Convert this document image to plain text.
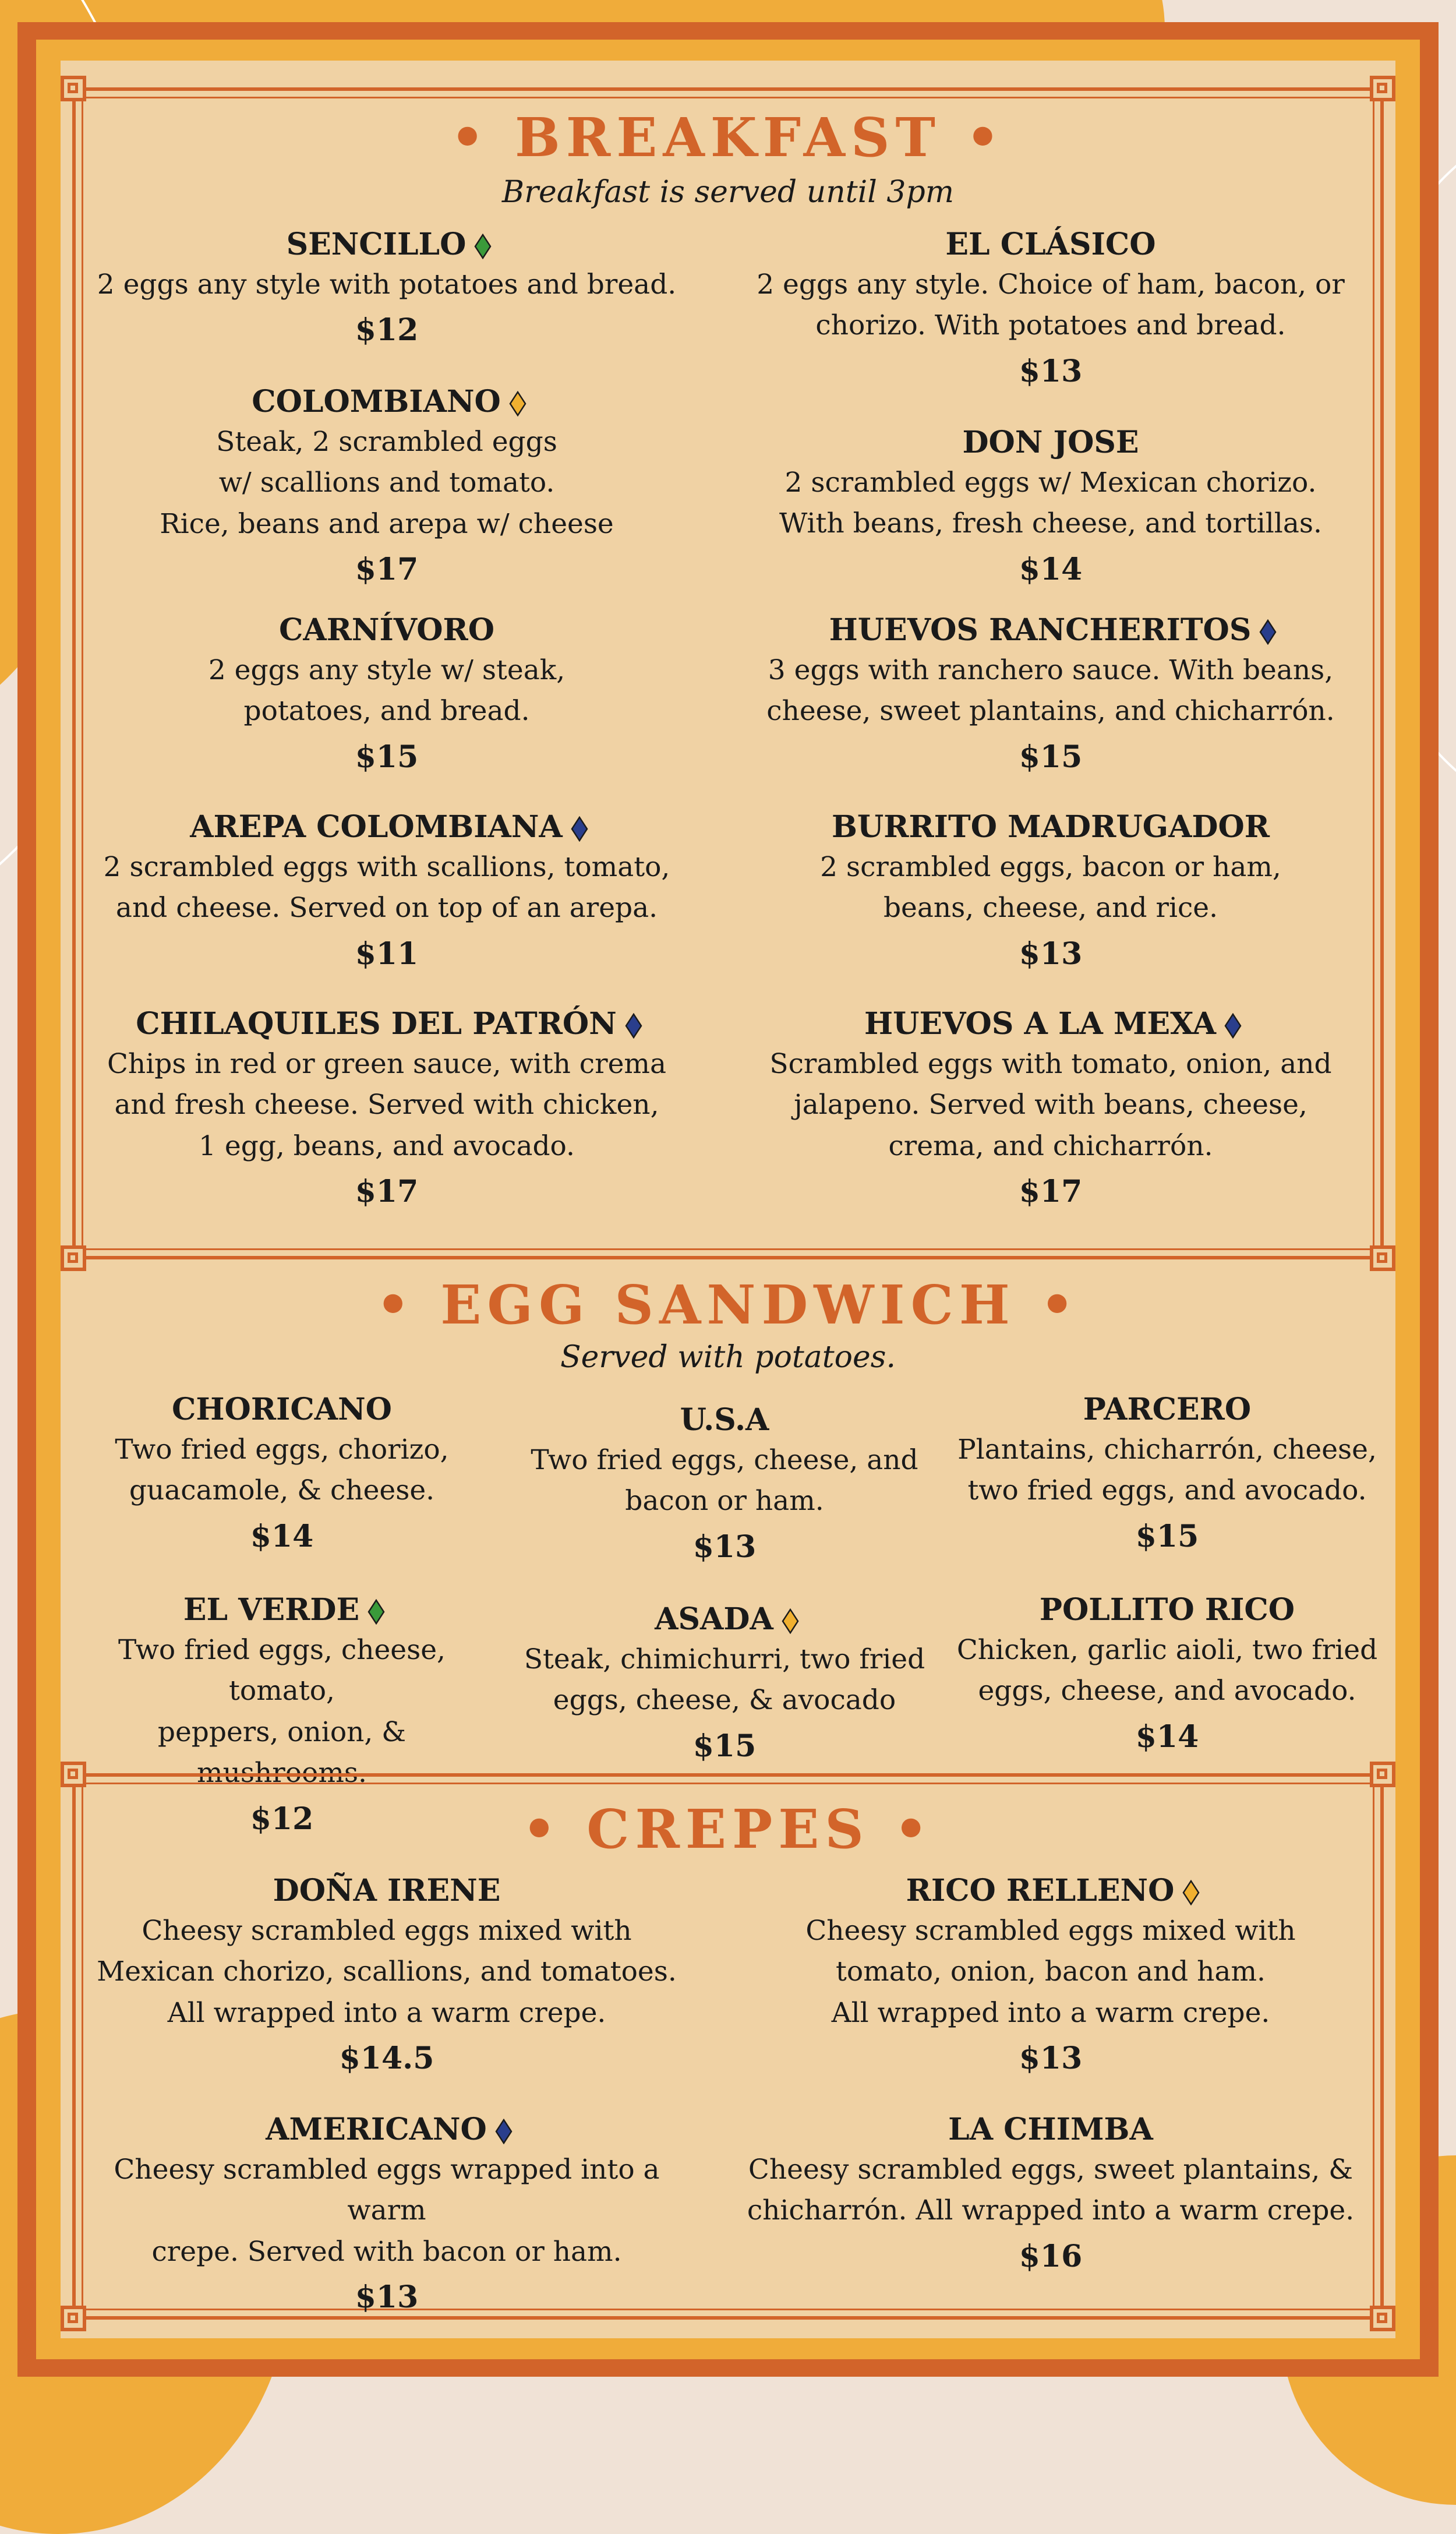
• BREAKFAST •

Breakfast is served until 3pm

SENCILLO
2 eggs any style with potatoes and bread.
$12
EL CLÁSICO
2 eggs any style. Choice of ham, bacon, or
chorizo. With potatoes and bread.
$13
COLOMBIANO
Steak, 2 scrambled eggs
w/ scallions and tomato.
Rice, beans and arepa w/ cheese
$17
DON JOSE
2 scrambled eggs w/ Mexican chorizo.
With beans, fresh cheese, and tortillas.
$14
CARNÍVORO
2 eggs any style w/ steak,
potatoes, and bread.
$15
HUEVOS RANCHERITOS
3 eggs with ranchero sauce. With beans,
cheese, sweet plantains, and chicharrón.
$15
AREPA COLOMBIANA
2 scrambled eggs with scallions, tomato,
and cheese. Served on top of an arepa.
$11
BURRITO MADRUGADOR
2 scrambled eggs, bacon or ham,
beans, cheese, and rice.
$13
CHILAQUILES DEL PATRÓN
Chips in red or green sauce, with crema
and fresh cheese. Served with chicken,
1 egg, beans, and avocado.
$17
HUEVOS A LA MEXA
Scrambled eggs with tomato, onion, and
jalapeno. Served with beans, cheese,
crema, and chicharrón.
$17
• EGG SANDWICH •

Served with potatoes.

CHORICANO
Two fried eggs, chorizo,
guacamole, & cheese.
$14
U.S.A
Two fried eggs, cheese, and
bacon or ham.
$13
PARCERO
Plantains, chicharrón, cheese,
two fried eggs, and avocado.
$15
EL VERDE
Two fried eggs, cheese, tomato,
peppers, onion, & mushrooms.
$12
ASADA
Steak, chimichurri, two fried
eggs, cheese, & avocado
$15
POLLITO RICO
Chicken, garlic aioli, two fried
eggs, cheese, and avocado.
$14
• CREPES •
DOÑA IRENE
Cheesy scrambled eggs mixed with
Mexican chorizo, scallions, and tomatoes.
All wrapped into a warm crepe.
$14.5
RICO RELLENO
Cheesy scrambled eggs mixed with
tomato, onion, bacon and ham.
All wrapped into a warm crepe.
$13
AMERICANO
Cheesy scrambled eggs wrapped into a warm
crepe. Served with bacon or ham.
$13
LA CHIMBA
Cheesy scrambled eggs, sweet plantains, &
chicharrón. All wrapped into a warm crepe.
$16
